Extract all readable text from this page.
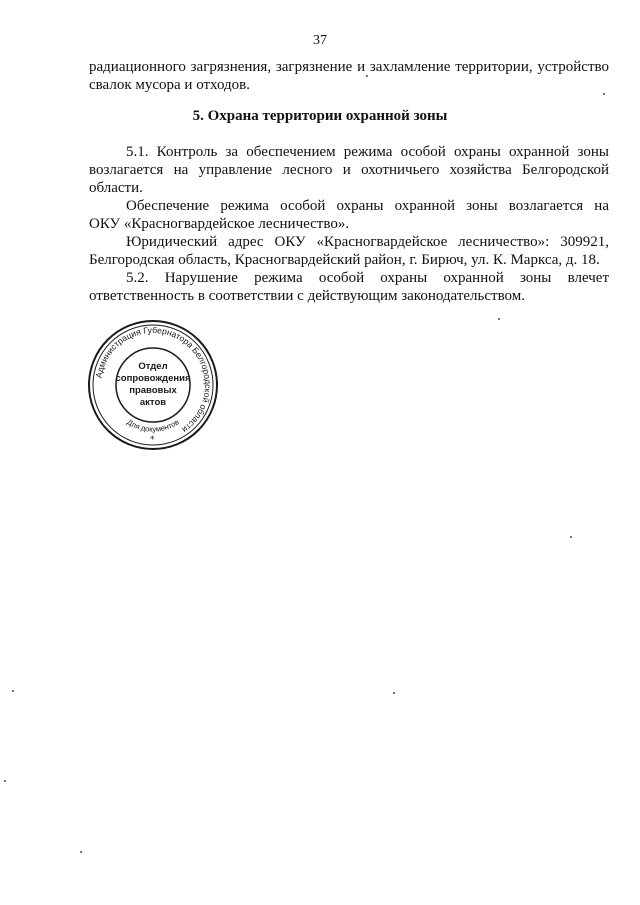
37
радиационного загрязнения, загрязнение и захламление территории, устройство
свалок мусора и отходов.
5. Охрана территории охранной зоны
5.1. Контроль за обеспечением режима особой охраны охранной зоны
возлагается на управление лесного и охотничьего хозяйства Белгородской
области.
Обеспечение режима особой охраны охранной зоны возлагается на
ОКУ «Красногвардейское лесничество».
Юридический адрес ОКУ «Красногвардейское лесничество»: 309921,
Белгородская область, Красногвардейский район, г. Бирюч, ул. К. Маркса, д. 18.
5.2. Нарушение режима особой охраны охранной зоны влечет
ответственность в соответствии с действующим законодательством.
Администрация Губернатора Белгородской области
Для документов
*
Отдел
сопровождения
правовых
актов
